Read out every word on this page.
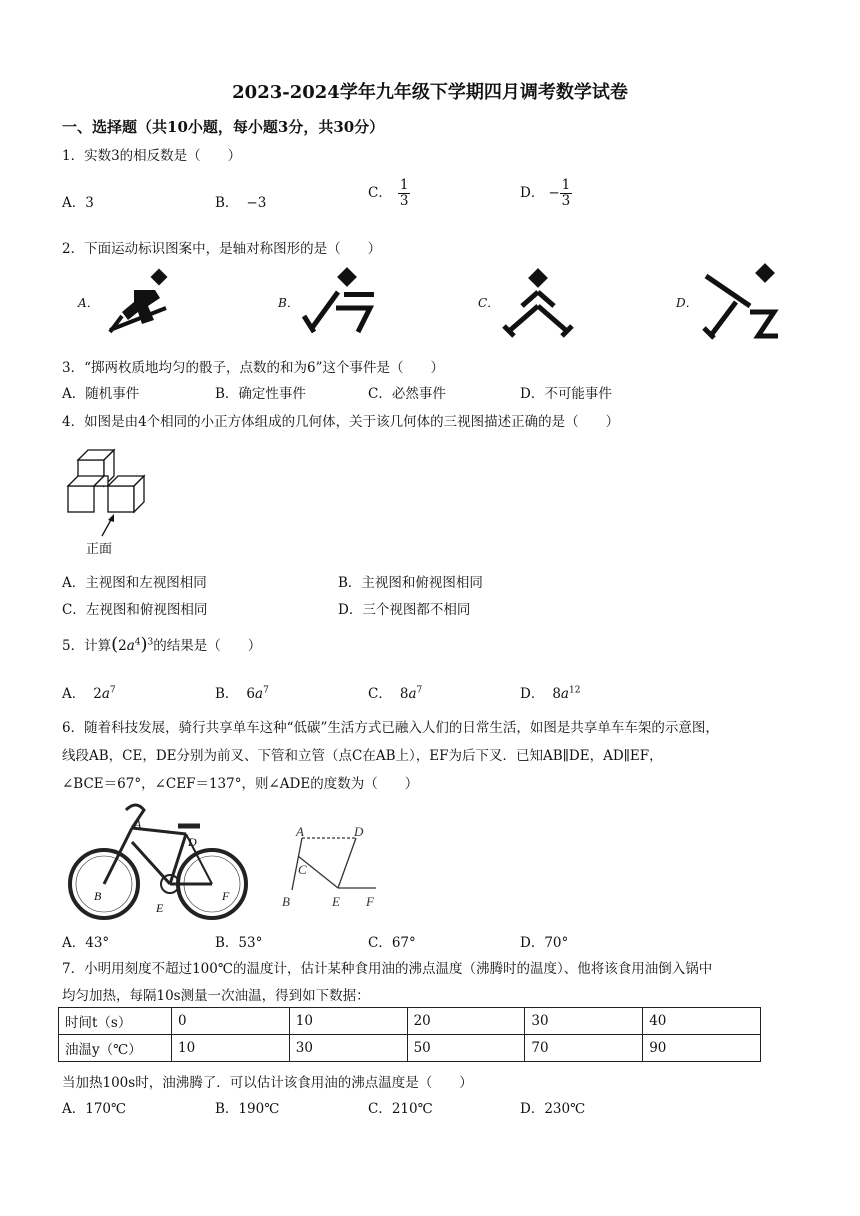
2023-2024学年九年级下学期四月调考数学试卷
一、选择题（共10小题，每小题3分，共30分）
1．实数3的相反数是（　　）
A．3	B． −3
C． $\frac{1}{3}$	D． − $\frac{1}{3}$
2．下面运动标识图案中，是轴对称图形的是（　　）
A．	B．	C．	D．
3．“掷两枚质地均匀的骰子，点数的和为6”这个事件是（　　）
A．随机事件	B．确定性事件	C．必然事件	D．不可能事件
4．如图是由4个相同的小正方体组成的几何体，关于该几何体的三视图描述正确的是（　　）
正面
A．主视图和左视图相同	B．主视图和俯视图相同
C．左视图和俯视图相同	D．三个视图都不相同
5．计算$(2a^4)^3$的结果是（　　）
A． $2a^7$	B． $6a^7$	C． $8a^7$	D． $8a^{12}$
6．随着科技发展，骑行共享单车这种“低碳”生活方式已融入人们的日常生活，如图是共享单车车架的示意图，
线段AB，CE，DE分别为前叉、下管和立管（点C在AB上），EF为后下叉．已知AB∥DE，AD∥EF，
∠BCE＝67°，∠CEF＝137°，则∠ADE的度数为（　　）
A
D
B
E
F
A	D
C
B	E F
A．43°	B．53°	C．67°	D．70°
7．小明用刻度不超过100℃的温度计，估计某种食用油的沸点温度（沸腾时的温度）、他将该食用油倒入锅中
均匀加热，每隔10s测量一次油温，得到如下数据：
时间t（s）	0	10	20	30	40
油温y（℃）	10	30	50	70	90
当加热100s时，油沸腾了．可以估计该食用油的沸点温度是（　　）
A．170℃	B．190℃	C．210℃	D．230℃
